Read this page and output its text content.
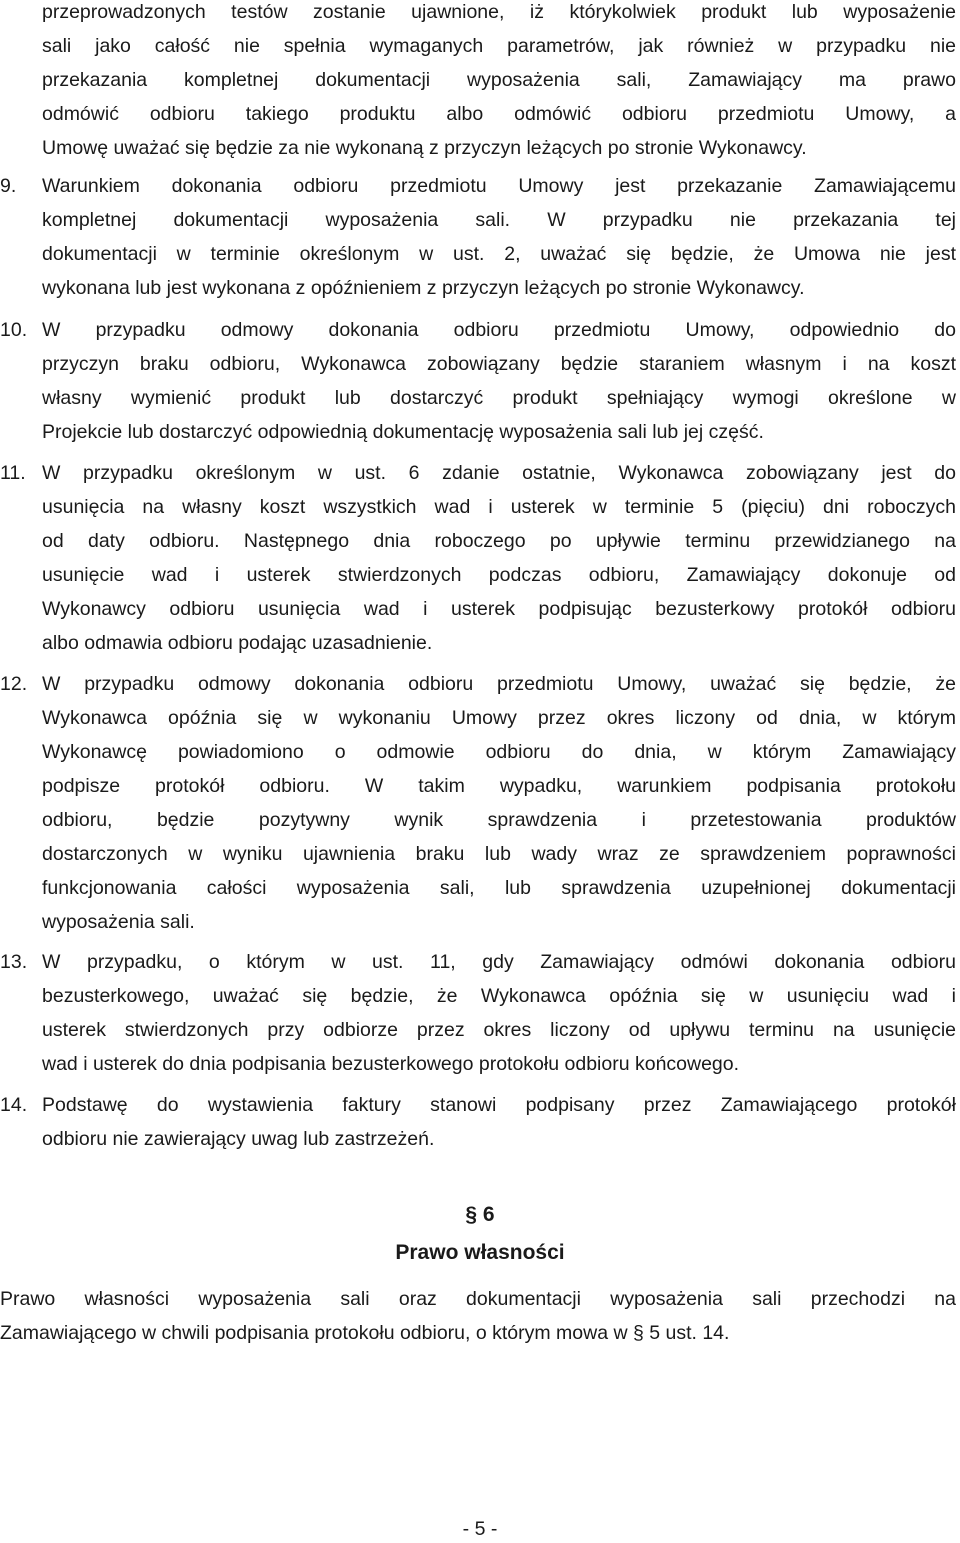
przeprowadzonych testów zostanie ujawnione, iż którykolwiek produkt lub wyposażenie
sali jako całość nie spełnia wymaganych parametrów, jak również w przypadku nie
przekazania kompletnej dokumentacji wyposażenia sali, Zamawiający ma prawo
odmówić odbioru takiego produktu albo odmówić odbioru przedmiotu Umowy, a
Umowę uważać się będzie za nie wykonaną z przyczyn leżących po stronie Wykonawcy.
9. Warunkiem dokonania odbioru przedmiotu Umowy jest przekazanie Zamawiającemu
kompletnej dokumentacji wyposażenia sali. W przypadku nie przekazania tej
dokumentacji w terminie określonym w ust. 2, uważać się będzie, że Umowa nie jest
wykonana lub jest wykonana z opóźnieniem z przyczyn leżących po stronie Wykonawcy.
10. W przypadku odmowy dokonania odbioru przedmiotu Umowy, odpowiednio do
przyczyn braku odbioru, Wykonawca zobowiązany będzie staraniem własnym i na koszt
własny wymienić produkt lub dostarczyć produkt spełniający wymogi określone w
Projekcie lub dostarczyć odpowiednią dokumentację wyposażenia sali lub jej część.
11. W przypadku określonym w ust. 6 zdanie ostatnie, Wykonawca zobowiązany jest do
usunięcia na własny koszt wszystkich wad i usterek w terminie 5 (pięciu) dni roboczych
od daty odbioru. Następnego dnia roboczego po upływie terminu przewidzianego na
usunięcie wad i usterek stwierdzonych podczas odbioru, Zamawiający dokonuje od
Wykonawcy odbioru usunięcia wad i usterek podpisując bezusterkowy protokół odbioru
albo odmawia odbioru podając uzasadnienie.
12. W przypadku odmowy dokonania odbioru przedmiotu Umowy, uważać się będzie, że
Wykonawca opóźnia się w wykonaniu Umowy przez okres liczony od dnia, w którym
Wykonawcę powiadomiono o odmowie odbioru do dnia, w którym Zamawiający
podpisze protokół odbioru. W takim wypadku, warunkiem podpisania protokołu
odbioru, będzie pozytywny wynik sprawdzenia i przetestowania produktów
dostarczonych w wyniku ujawnienia braku lub wady wraz ze sprawdzeniem poprawności
funkcjonowania całości wyposażenia sali, lub sprawdzenia uzupełnionej dokumentacji
wyposażenia sali.
13. W przypadku, o którym w ust. 11, gdy Zamawiający odmówi dokonania odbioru
bezusterkowego, uważać się będzie, że Wykonawca opóźnia się w usunięciu wad i
usterek stwierdzonych przy odbiorze przez okres liczony od upływu terminu na usunięcie
wad i usterek do dnia podpisania bezusterkowego protokołu odbioru końcowego.
14. Podstawę do wystawienia faktury stanowi podpisany przez Zamawiającego protokół
odbioru nie zawierający uwag lub zastrzeżeń.
§ 6
Prawo własności
Prawo własności wyposażenia sali oraz dokumentacji wyposażenia sali przechodzi na
Zamawiającego w chwili podpisania protokołu odbioru, o którym mowa w § 5 ust. 14.
- 5 -
